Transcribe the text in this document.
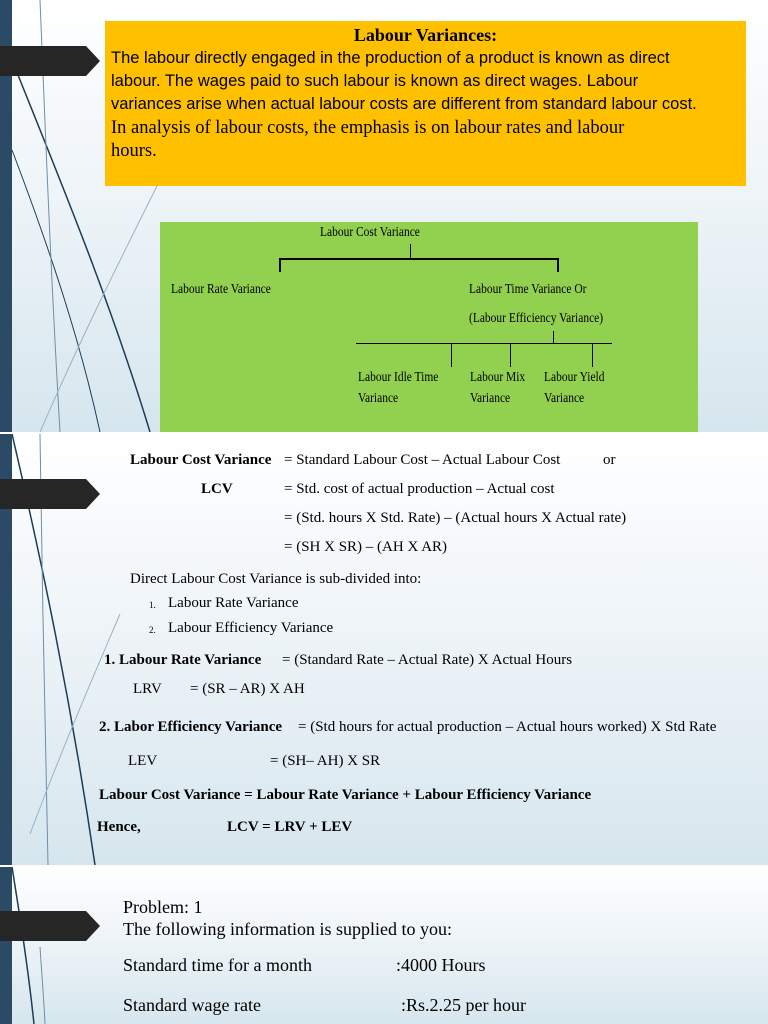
Labour Variances:
The labour directly engaged in the production of a product is known as direct
labour. The wages paid to such labour is known as direct wages. Labour
variances arise when actual labour costs are different from standard labour cost.
In analysis of labour costs, the emphasis is on labour rates and labour
hours.
Labour Cost Variance
Labour Rate Variance	Labour Time Variance Or
(Labour Efficiency Variance)
Labour Idle Time
Variance
Labour Mix
Variance
Labour Yield
Variance
Labour Cost Variance = Standard Labour Cost – Actual Labour Cost	or
LCV	= Std. cost of actual production – Actual cost
= (Std. hours X Std. Rate) – (Actual hours X Actual rate)
= (SH X SR) – (AH X AR)
Direct Labour Cost Variance is sub-divided into:
1. Labour Rate Variance
2. Labour Efficiency Variance
1. Labour Rate Variance = (Standard Rate – Actual Rate) X Actual Hours
LRV = (SR – AR) X AH
2. Labor Efficiency Variance = (Std hours for actual production – Actual hours worked) X Std Rate
LEV	= (SH– AH) X SR
Labour Cost Variance = Labour Rate Variance + Labour Efficiency Variance
Hence,	LCV = LRV + LEV
Problem: 1
The following information is supplied to you:
Standard time for a month	:4000 Hours
Standard wage rate	:Rs.2.25 per hour
